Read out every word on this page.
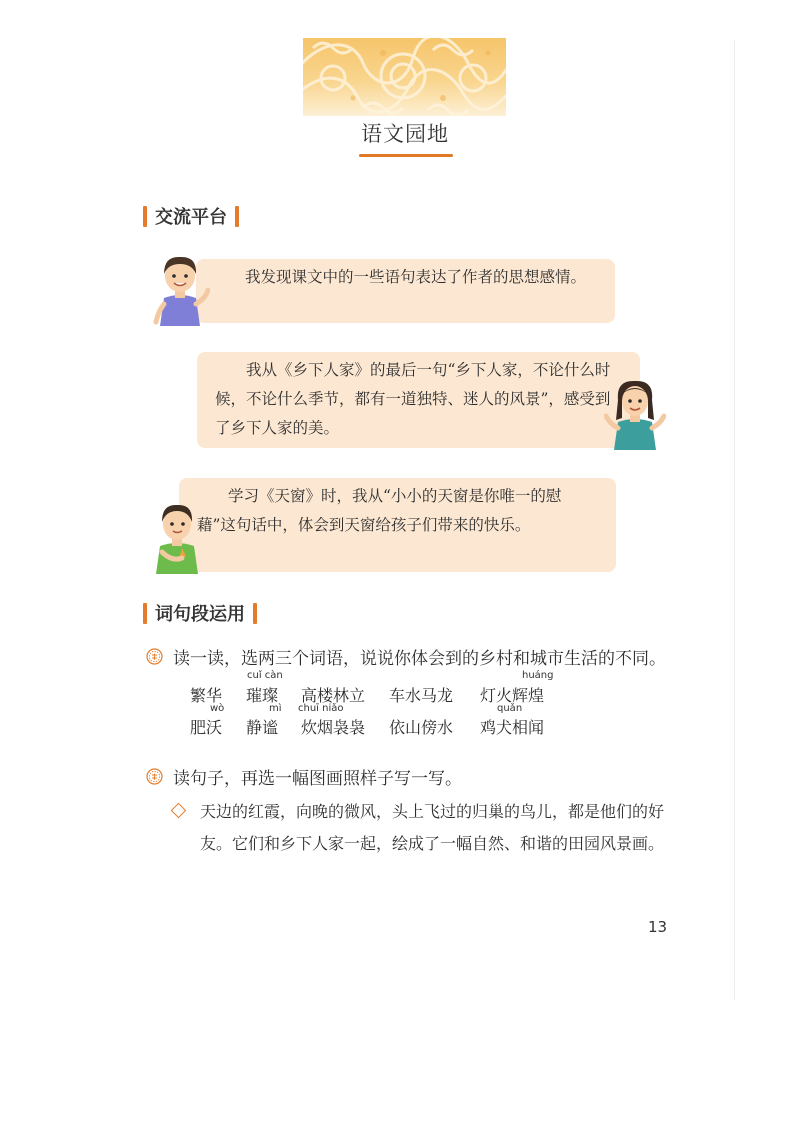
语文园地
交流平台

我发现课文中的一些语句表达了作者的思想感情。

我从《乡下人家》的最后一句“乡下人家，不论什么时候，不论什么季节，都有一道独特、迷人的风景”，感受到了乡下人家的美。

学习《天窗》时，我从“小小的天窗是你唯一的慰藉”这句话中，体会到天窗给孩子们带来的快乐。

词句段运用
读一读，选两三个词语，说说你体会到的乡村和城市生活的不同。
繁华
cuǐ càn
璀璨 高楼林立 车水马龙
huáng
灯火辉煌
wò
肥沃
mì
静谧
chuī niǎo
炊烟袅袅 依山傍水
quǎn
鸡犬相闻
读句子，再选一幅图画照样子写一写。
天边的红霞，向晚的微风，头上飞过的归巢的鸟儿，都是他们的好友。它们和乡下人家一起，绘成了一幅自然、和谐的田园风景画。
13
